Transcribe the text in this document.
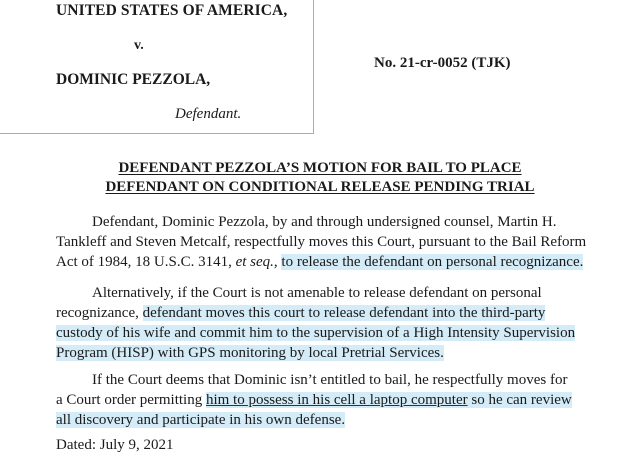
UNITED STATES OF AMERICA,
v.
DOMINIC PEZZOLA,
Defendant.
No. 21-cr-0052 (TJK)
DEFENDANT PEZZOLA’S MOTION FOR BAIL TO PLACE
DEFENDANT ON CONDITIONAL RELEASE PENDING TRIAL
Defendant, Dominic Pezzola, by and through undersigned counsel, Martin H.
Tankleff and Steven Metcalf, respectfully moves this Court, pursuant to the Bail Reform
Act of 1984, 18 U.S.C. 3141, et seq., to release the defendant on personal recognizance.
Alternatively, if the Court is not amenable to release defendant on personal
recognizance, defendant moves this court to release defendant into the third-party
custody of his wife and commit him to the supervision of a High Intensity Supervision
Program (HISP) with GPS monitoring by local Pretrial Services.
If the Court deems that Dominic isn’t entitled to bail, he respectfully moves for
a Court order permitting him to possess in his cell a laptop computer so he can review
all discovery and participate in his own defense.
Dated: July 9, 2021
